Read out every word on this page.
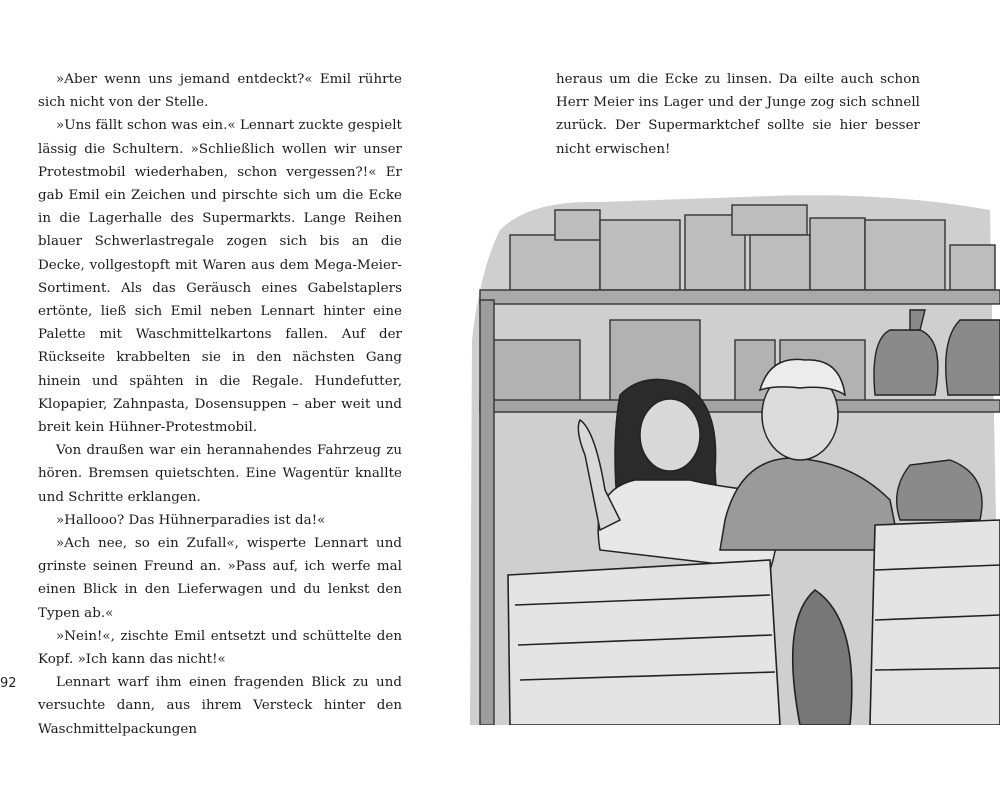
»Aber wenn uns jemand entdeckt?« Emil rührte sich nicht von der Stelle.

»Uns fällt schon was ein.« Lennart zuckte gespielt lässig die Schultern. »Schließlich wollen wir unser Protestmobil wiederhaben, schon vergessen?!« Er gab Emil ein Zeichen und pirschte sich um die Ecke in die Lagerhalle des Supermarkts. Lange Reihen blauer Schwerlastregale zogen sich bis an die Decke, vollgestopft mit Waren aus dem Mega-Meier-Sortiment. Als das Geräusch eines Gabelstaplers ertönte, ließ sich Emil neben Lennart hinter eine Palette mit Waschmittelkartons fallen. Auf der Rückseite krabbelten sie in den nächsten Gang hinein und spähten in die Regale. Hundefutter, Klopapier, Zahnpasta, Dosensuppen – aber weit und breit kein Hühner-Protestmobil.

Von draußen war ein herannahendes Fahrzeug zu hören. Bremsen quietschten. Eine Wagentür knallte und Schritte erklangen.

»Hallooo? Das Hühnerparadies ist da!«

»Ach nee, so ein Zufall«, wisperte Lennart und grinste seinen Freund an. »Pass auf, ich werfe mal einen Blick in den Lieferwagen und du lenkst den Typen ab.«

»Nein!«, zischte Emil entsetzt und schüttelte den Kopf. »Ich kann das nicht!«

Lennart warf ihm einen fragenden Blick zu und versuchte dann, aus ihrem Versteck hinter den Waschmittelpackungen

heraus um die Ecke zu linsen. Da eilte auch schon Herr Meier ins Lager und der Junge zog sich schnell zurück. Der Supermarktchef sollte sie hier besser nicht erwischen!

92
